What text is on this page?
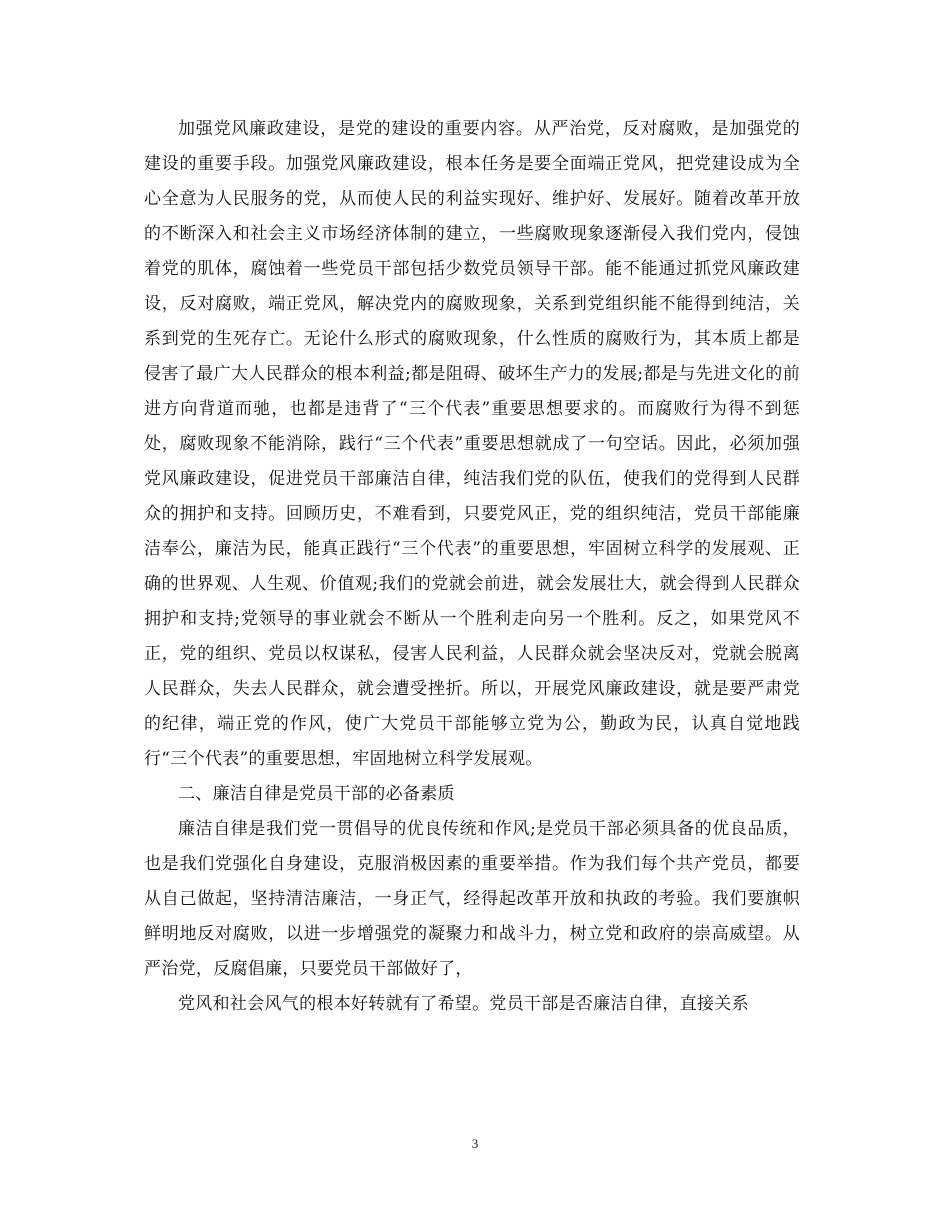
加强党风廉政建设，是党的建设的重要内容。从严治党，反对腐败，是加强党的建设的重要手段。加强党风廉政建设，根本任务是要全面端正党风，把党建设成为全心全意为人民服务的党，从而使人民的利益实现好、维护好、发展好。随着改革开放的不断深入和社会主义市场经济体制的建立，一些腐败现象逐渐侵入我们党内，侵蚀着党的肌体，腐蚀着一些党员干部包括少数党员领导干部。能不能通过抓党风廉政建设，反对腐败，端正党风，解决党内的腐败现象，关系到党组织能不能得到纯洁，关系到党的生死存亡。无论什么形式的腐败现象，什么性质的腐败行为，其本质上都是侵害了最广大人民群众的根本利益;都是阻碍、破坏生产力的发展;都是与先进文化的前进方向背道而驰，也都是违背了“三个代表”重要思想要求的。而腐败行为得不到惩处，腐败现象不能消除，践行“三个代表”重要思想就成了一句空话。因此，必须加强党风廉政建设，促进党员干部廉洁自律，纯洁我们党的队伍，使我们的党得到人民群众的拥护和支持。回顾历史，不难看到，只要党风正，党的组织纯洁，党员干部能廉洁奉公，廉洁为民，能真正践行“三个代表”的重要思想，牢固树立科学的发展观、正确的世界观、人生观、价值观;我们的党就会前进，就会发展壮大，就会得到人民群众拥护和支持;党领导的事业就会不断从一个胜利走向另一个胜利。反之，如果党风不正，党的组织、党员以权谋私，侵害人民利益，人民群众就会坚决反对，党就会脱离人民群众，失去人民群众，就会遭受挫折。所以，开展党风廉政建设，就是要严肃党的纪律，端正党的作风，使广大党员干部能够立党为公，勤政为民，认真自觉地践行“三个代表”的重要思想，牢固地树立科学发展观。

二、廉洁自律是党员干部的必备素质

廉洁自律是我们党一贯倡导的优良传统和作风;是党员干部必须具备的优良品质，也是我们党强化自身建设，克服消极因素的重要举措。作为我们每个共产党员，都要从自己做起，坚持清洁廉洁，一身正气，经得起改革开放和执政的考验。我们要旗帜鲜明地反对腐败，以进一步增强党的凝聚力和战斗力，树立党和政府的崇高威望。从严治党，反腐倡廉，只要党员干部做好了，

党风和社会风气的根本好转就有了希望。党员干部是否廉洁自律，直接关系

3
